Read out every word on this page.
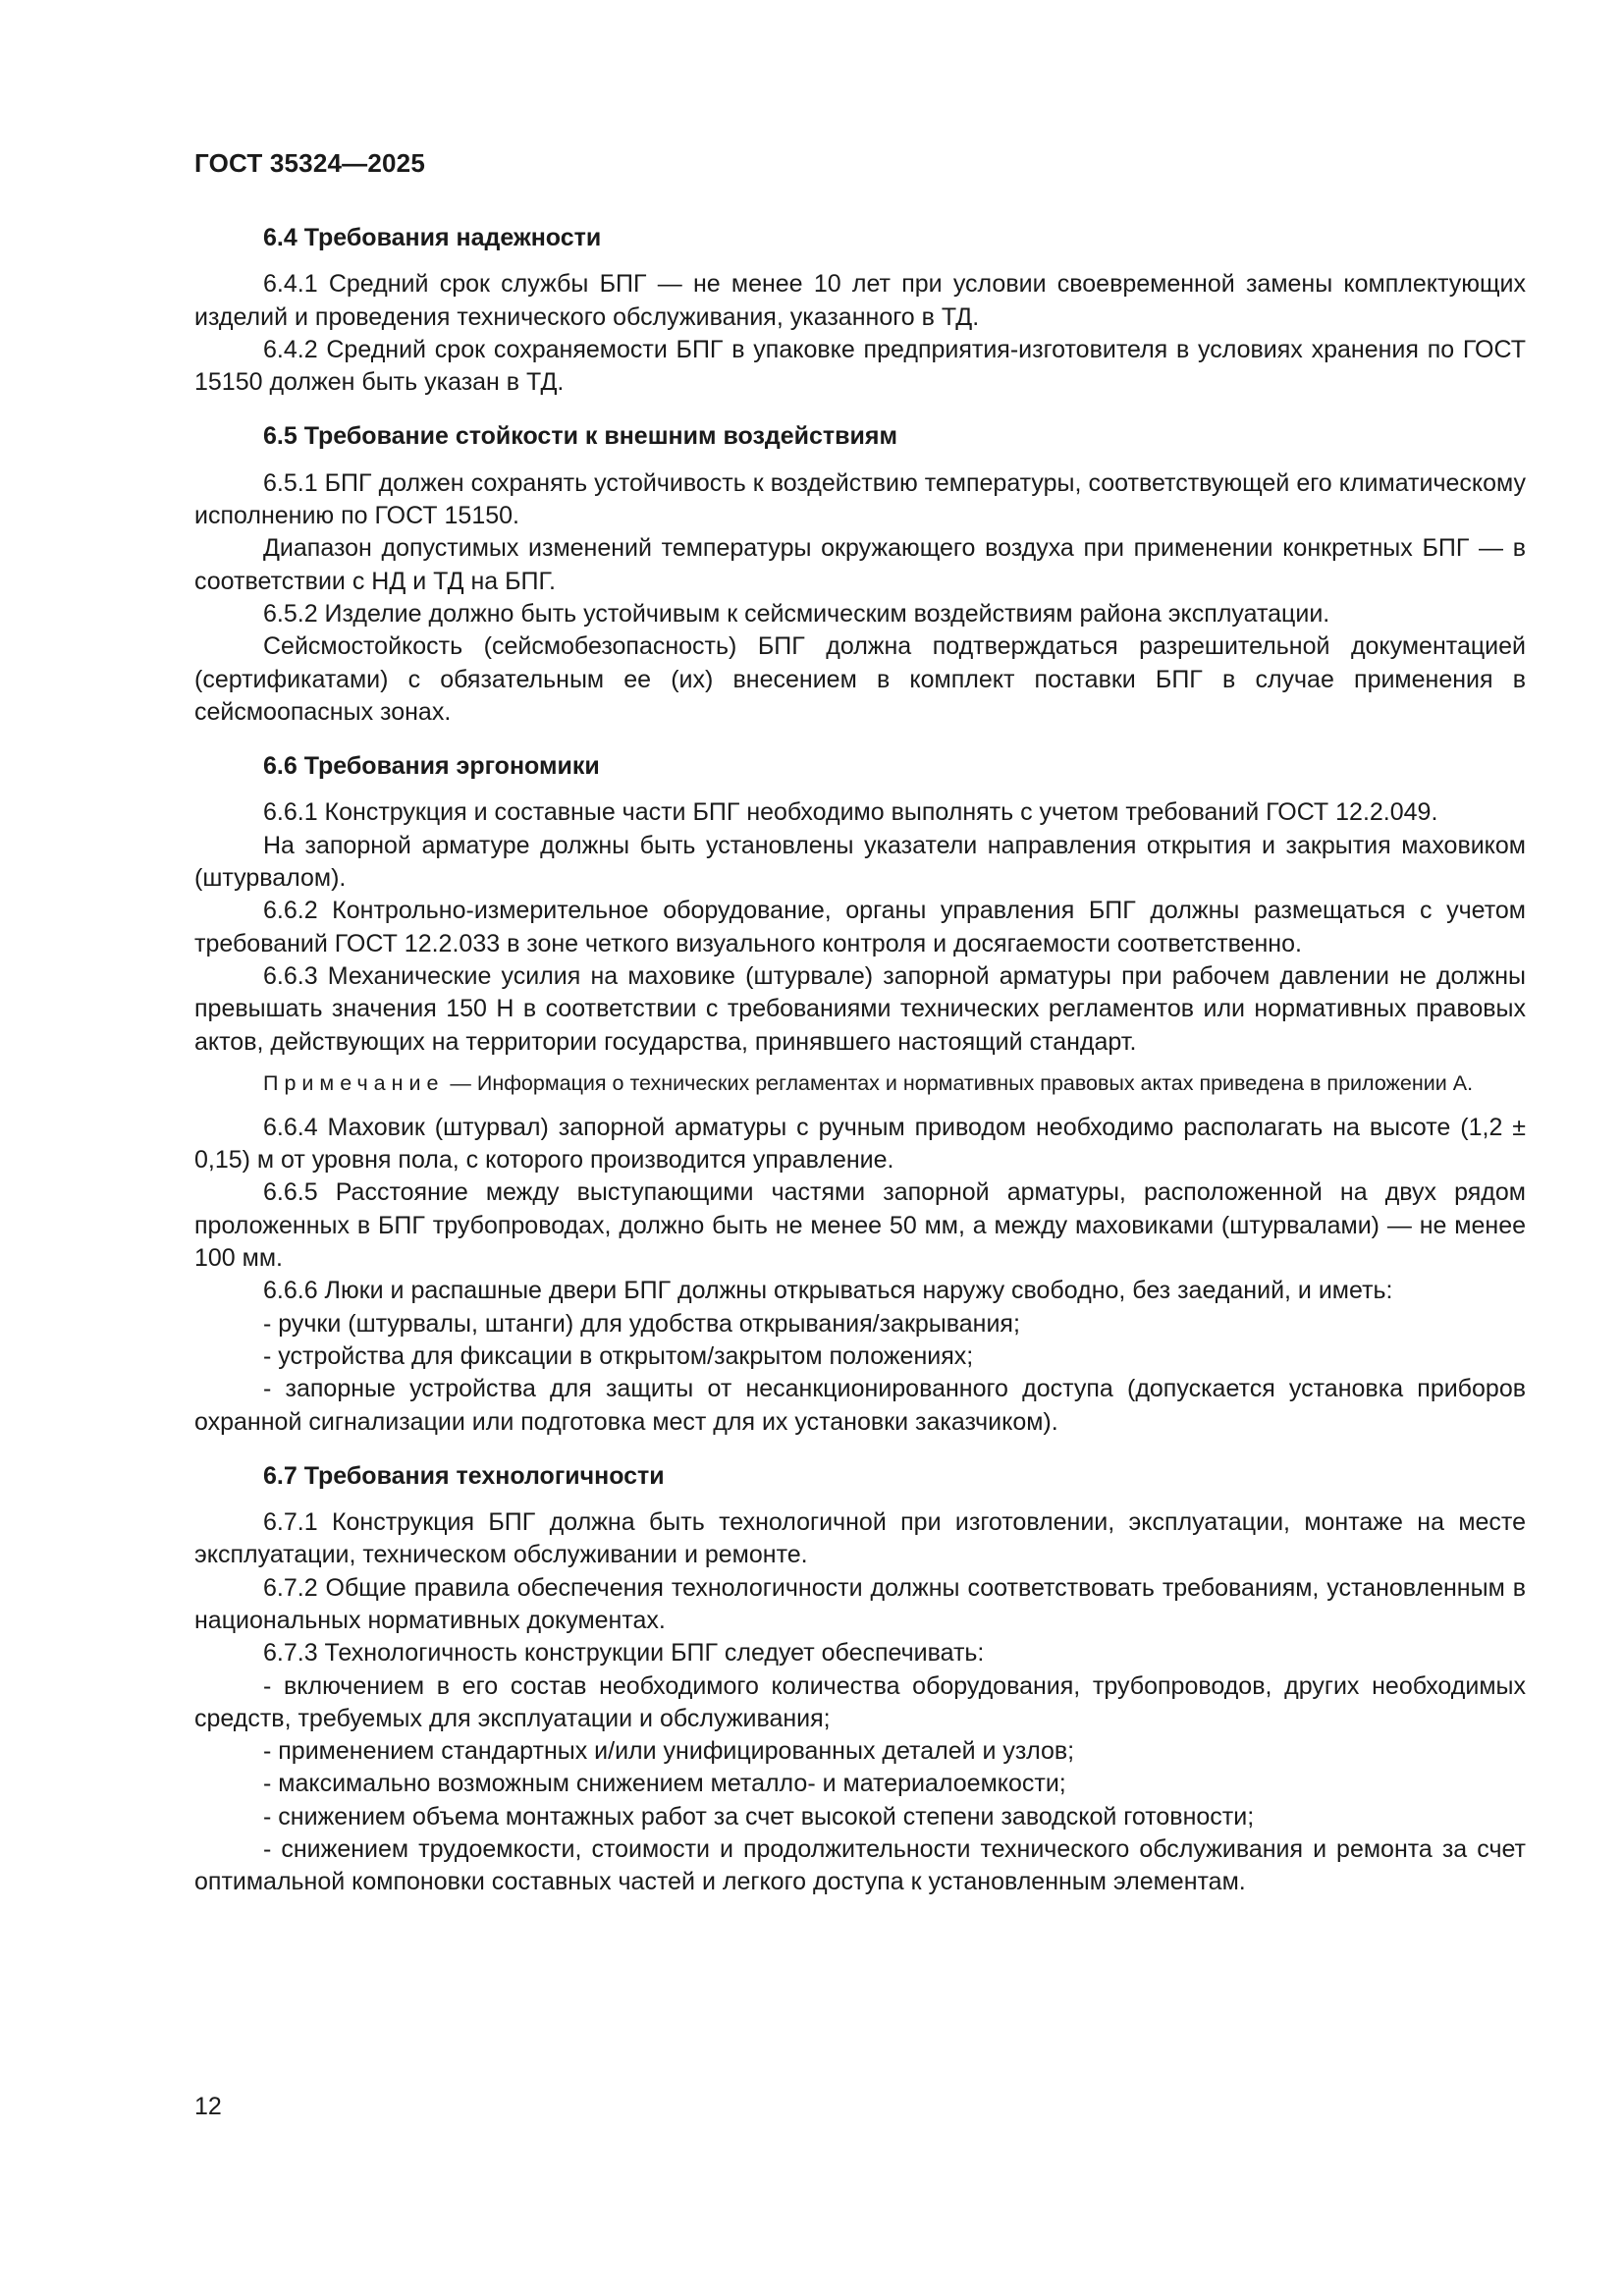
ГОСТ 35324—2025
6.4 Требования надежности

6.4.1 Средний срок службы БПГ — не менее 10 лет при условии своевременной замены комплектующих изделий и проведения технического обслуживания, указанного в ТД.

6.4.2 Средний срок сохраняемости БПГ в упаковке предприятия-изготовителя в условиях хранения по ГОСТ 15150 должен быть указан в ТД.

6.5 Требование стойкости к внешним воздействиям

6.5.1 БПГ должен сохранять устойчивость к воздействию температуры, соответствующей его климатическому исполнению по ГОСТ 15150.

Диапазон допустимых изменений температуры окружающего воздуха при применении конкретных БПГ — в соответствии с НД и ТД на БПГ.

6.5.2 Изделие должно быть устойчивым к сейсмическим воздействиям района эксплуатации.

Сейсмостойкость (сейсмобезопасность) БПГ должна подтверждаться разрешительной документацией (сертификатами) с обязательным ее (их) внесением в комплект поставки БПГ в случае применения в сейсмоопасных зонах.

6.6 Требования эргономики

6.6.1 Конструкция и составные части БПГ необходимо выполнять с учетом требований ГОСТ 12.2.049.

На запорной арматуре должны быть установлены указатели направления открытия и закрытия маховиком (штурвалом).

6.6.2 Контрольно-измерительное оборудование, органы управления БПГ должны размещаться с учетом требований ГОСТ 12.2.033 в зоне четкого визуального контроля и досягаемости соответственно.

6.6.3 Механические усилия на маховике (штурвале) запорной арматуры при рабочем давлении не должны превышать значения 150 Н в соответствии с требованиями технических регламентов или нормативных правовых актов, действующих на территории государства, принявшего настоящий стандарт.

Примечание — Информация о технических регламентах и нормативных правовых актах приведена в приложении А.

6.6.4 Маховик (штурвал) запорной арматуры с ручным приводом необходимо располагать на высоте (1,2 ± 0,15) м от уровня пола, с которого производится управление.

6.6.5 Расстояние между выступающими частями запорной арматуры, расположенной на двух рядом проложенных в БПГ трубопроводах, должно быть не менее 50 мм, а между маховиками (штурвалами) — не менее 100 мм.

6.6.6 Люки и распашные двери БПГ должны открываться наружу свободно, без заеданий, и иметь:

- ручки (штурвалы, штанги) для удобства открывания/закрывания;

- устройства для фиксации в открытом/закрытом положениях;

- запорные устройства для защиты от несанкционированного доступа (допускается установка приборов охранной сигнализации или подготовка мест для их установки заказчиком).

6.7 Требования технологичности

6.7.1 Конструкция БПГ должна быть технологичной при изготовлении, эксплуатации, монтаже на месте эксплуатации, техническом обслуживании и ремонте.

6.7.2 Общие правила обеспечения технологичности должны соответствовать требованиям, установленным в национальных нормативных документах.

6.7.3 Технологичность конструкции БПГ следует обеспечивать:

- включением в его состав необходимого количества оборудования, трубопроводов, других необходимых средств, требуемых для эксплуатации и обслуживания;

- применением стандартных и/или унифицированных деталей и узлов;

- максимально возможным снижением металло- и материалоемкости;

- снижением объема монтажных работ за счет высокой степени заводской готовности;

- снижением трудоемкости, стоимости и продолжительности технического обслуживания и ремонта за счет оптимальной компоновки составных частей и легкого доступа к установленным элементам.

12
